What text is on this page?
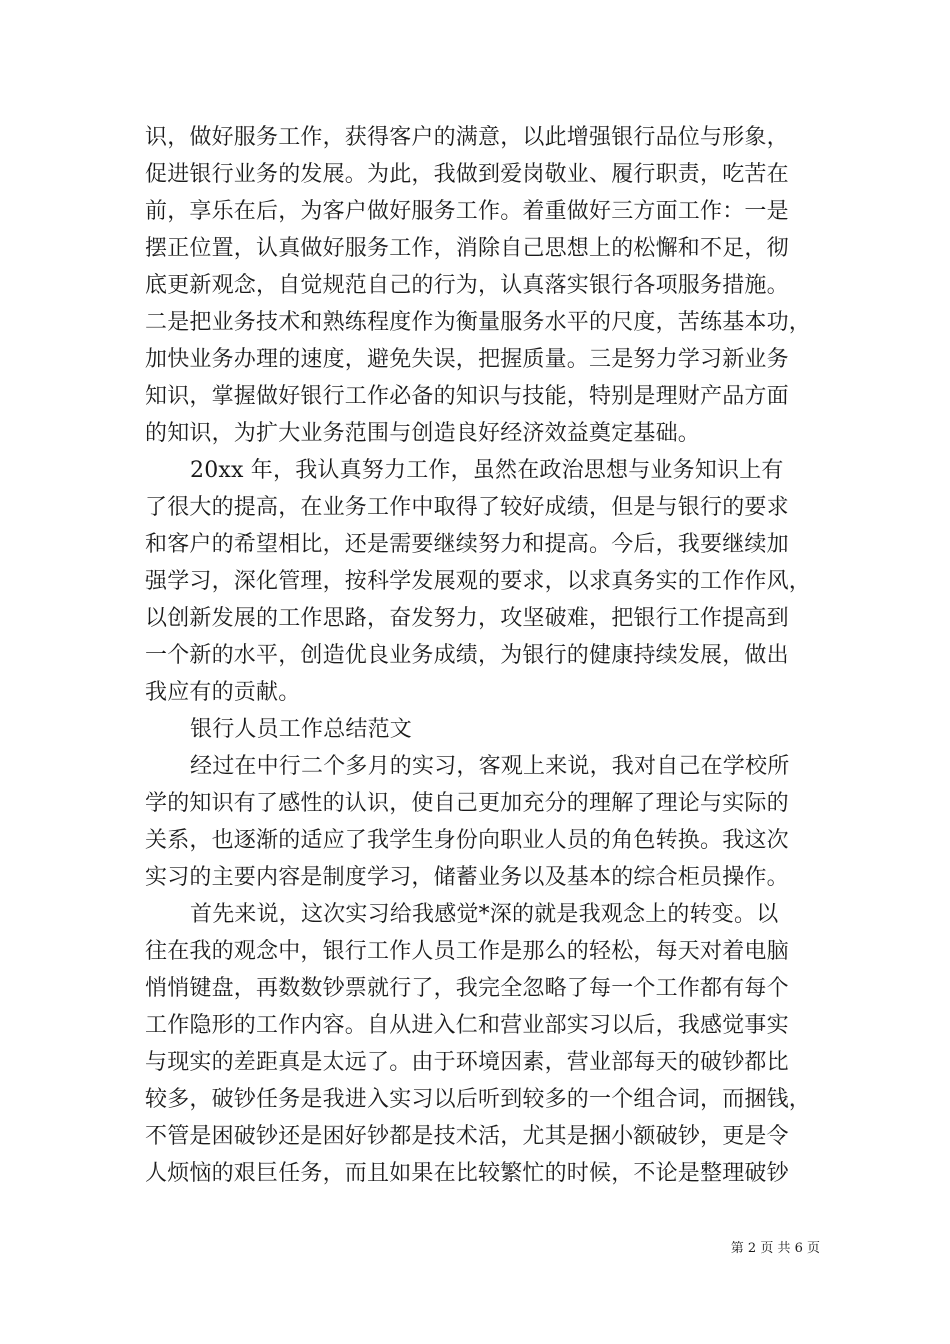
识，做好服务工作，获得客户的满意，以此增强银行品位与形象，
促进银行业务的发展。为此，我做到爱岗敬业、履行职责，吃苦在
前，享乐在后，为客户做好服务工作。着重做好三方面工作：一是
摆正位置，认真做好服务工作，消除自己思想上的松懈和不足，彻
底更新观念，自觉规范自己的行为，认真落实银行各项服务措施。
二是把业务技术和熟练程度作为衡量服务水平的尺度，苦练基本功，
加快业务办理的速度，避免失误，把握质量。三是努力学习新业务
知识，掌握做好银行工作必备的知识与技能，特别是理财产品方面
的知识，为扩大业务范围与创造良好经济效益奠定基础。
20xx 年，我认真努力工作，虽然在政治思想与业务知识上有
了很大的提高，在业务工作中取得了较好成绩，但是与银行的要求
和客户的希望相比，还是需要继续努力和提高。今后，我要继续加
强学习，深化管理，按科学发展观的要求，以求真务实的工作作风，
以创新发展的工作思路，奋发努力，攻坚破难，把银行工作提高到
一个新的水平，创造优良业务成绩，为银行的健康持续发展，做出
我应有的贡献。
银行人员工作总结范文
经过在中行二个多月的实习，客观上来说，我对自己在学校所
学的知识有了感性的认识，使自己更加充分的理解了理论与实际的
关系，也逐渐的适应了我学生身份向职业人员的角色转换。我这次
实习的主要内容是制度学习，储蓄业务以及基本的综合柜员操作。
首先来说，这次实习给我感觉*深的就是我观念上的转变。以
往在我的观念中，银行工作人员工作是那么的轻松，每天对着电脑
悄悄键盘，再数数钞票就行了，我完全忽略了每一个工作都有每个
工作隐形的工作内容。自从进入仁和营业部实习以后，我感觉事实
与现实的差距真是太远了。由于环境因素，营业部每天的破钞都比
较多，破钞任务是我进入实习以后听到较多的一个组合词，而捆钱，
不管是困破钞还是困好钞都是技术活，尤其是捆小额破钞，更是令
人烦恼的艰巨任务，而且如果在比较繁忙的时候，不论是整理破钞
第 2 页 共 6 页
